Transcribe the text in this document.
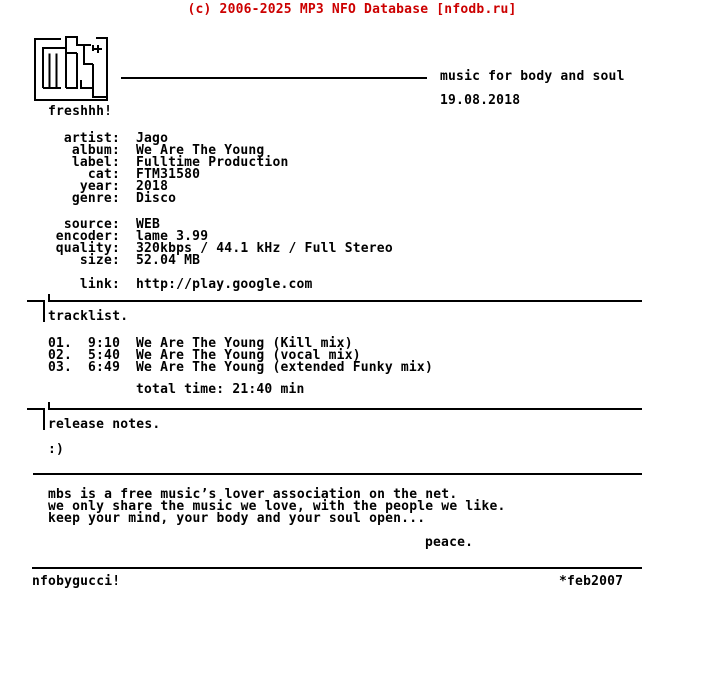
(c) 2006-2025 MP3 NFO Database [nfodb.ru]
music for body and soul
19.08.2018
freshhh!
artist: Jago
album: We Are The Young
label: Fulltime Production
cat: FTM31580
year: 2018
genre: Disco
source: WEB
encoder: lame 3.99
quality: 320kbps / 44.1 kHz / Full Stereo
size: 52.04 MB
link: http://play.google.com
tracklist.
01. 9:10 We Are The Young (Kill mix)
02. 5:40 We Are The Young (vocal mix)
03. 6:49 We Are The Young (extended Funky mix)
total time: 21:40 min
release notes.
:)
mbs is a free music’s lover association on the net.
we only share the music we love, with the people we like.
keep your mind, your body and your soul open...
peace.
nfobygucci!	*feb2007
